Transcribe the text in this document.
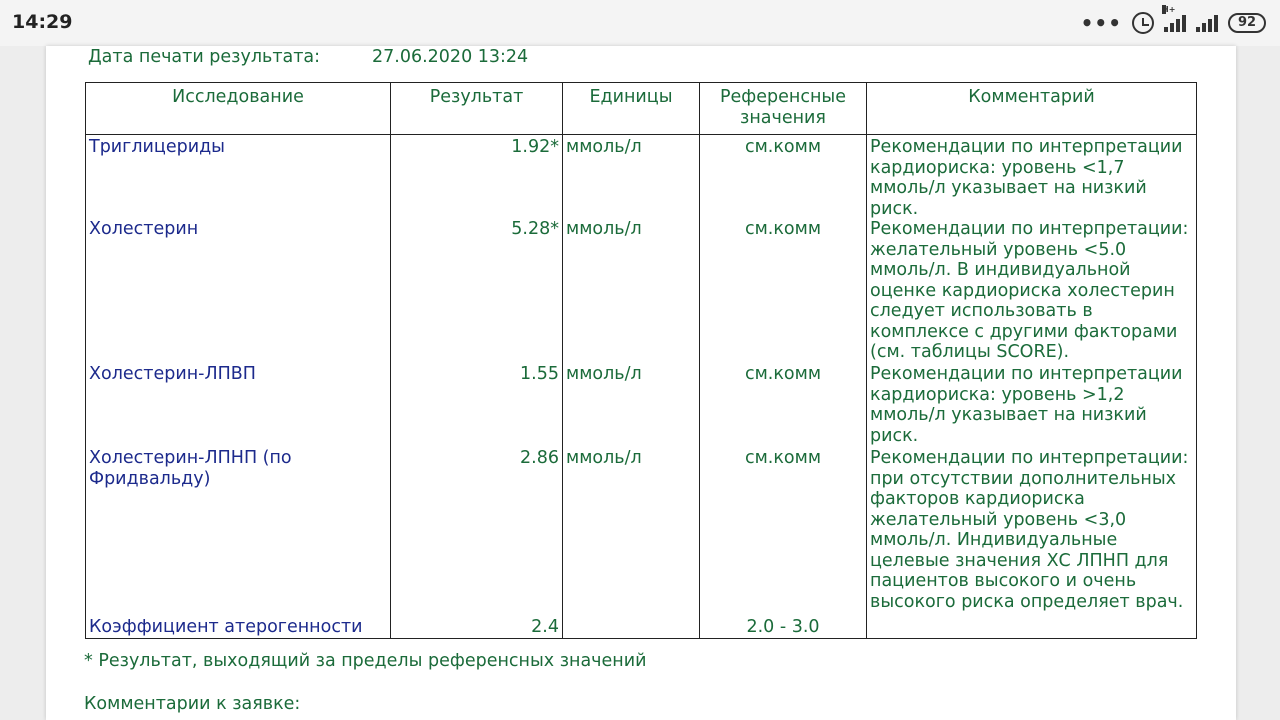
14:29	•••
H+
92
Дата печати результата:	27.06.2020 13:24
Исследование	Результат	Единицы	Референсные значения	Комментарий
Триглицериды	1.92*	ммоль/л	см.комм	Рекомендации по интерпретации кардиориска: уровень <1,7 ммоль/л указывает на низкий риск.
Холестерин	5.28*	ммоль/л	см.комм	Рекомендации по интерпретации: желательный уровень <5.0 ммоль/л. В индивидуальной оценке кардиориска холестерин следует использовать в комплексе с другими факторами (см. таблицы SCORE).
Холестерин-ЛПВП	1.55	ммоль/л	см.комм	Рекомендации по интерпретации кардиориска: уровень >1,2 ммоль/л указывает на низкий риск.
Холестерин-ЛПНП (по Фридвальду)	2.86	ммоль/л	см.комм	Рекомендации по интерпретации: при отсутствии дополнительных факторов кардиориска желательный уровень <3,0 ммоль/л. Индивидуальные целевые значения ХС ЛПНП для пациентов высокого и очень высокого риска определяет врач.
Коэффициент атерогенности	2.4		2.0 - 3.0	
* Результат, выходящий за пределы референсных значений
Комментарии к заявке:
